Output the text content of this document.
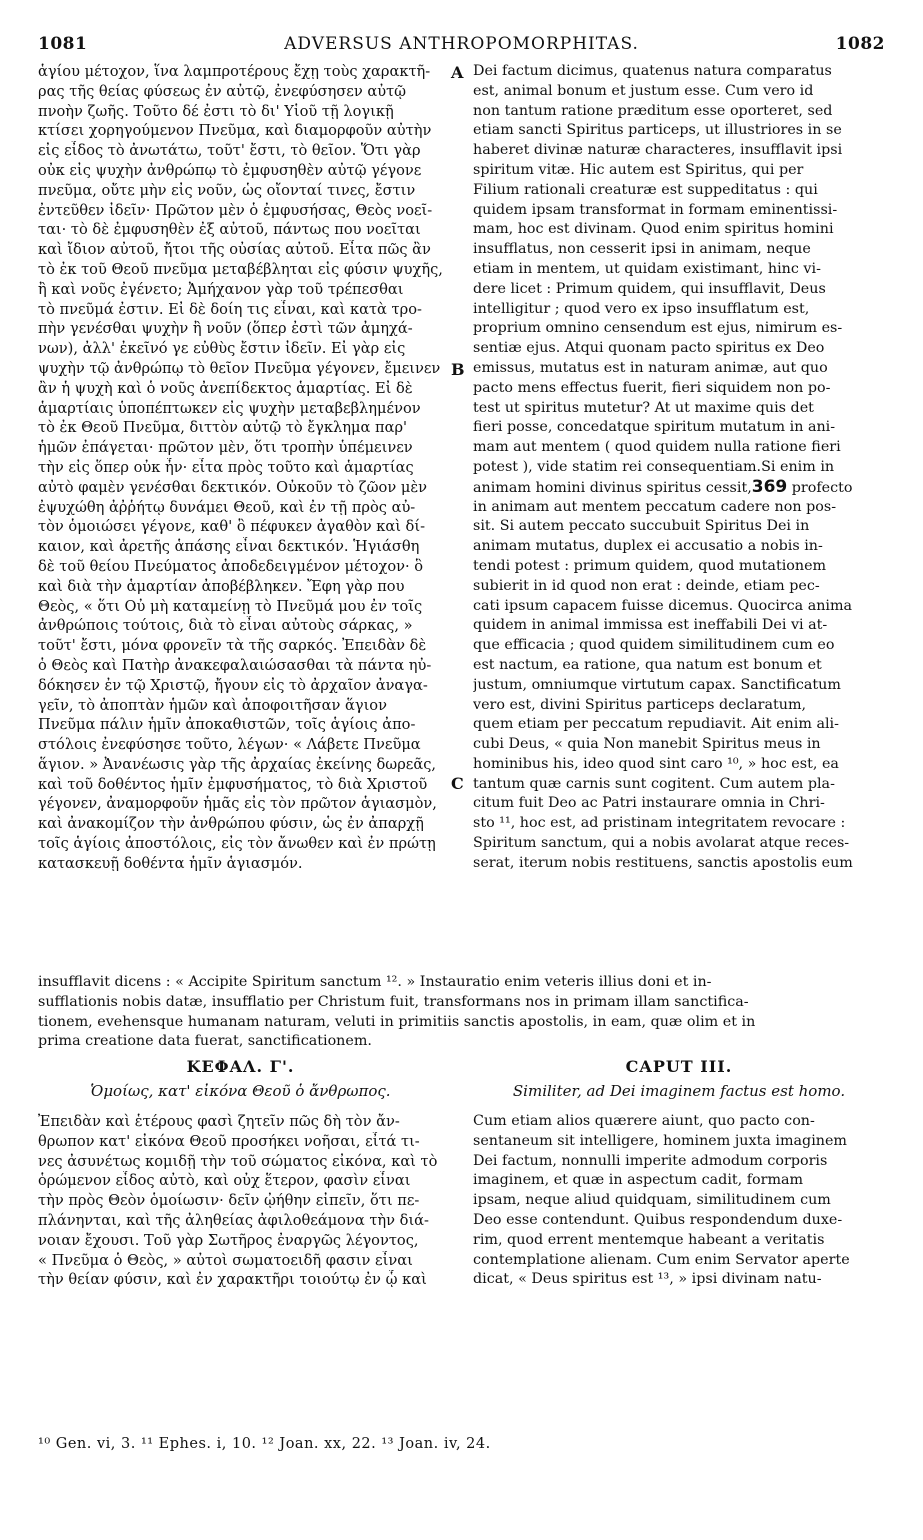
ADVERSUS ANTHROPOMORPHITAS.
1081	1082
ἁγίου μέτοχον, ἵνα λαμπροτέρους ἔχῃ τοὺς χαρακτῆ-
ρας τῆς θείας φύσεως ἐν αὐτῷ, ἐνεφύσησεν αὐτῷ
πνοὴν ζωῆς. Τοῦτο δέ ἐστι τὸ δι' Υἱοῦ τῇ λογικῇ
κτίσει χορηγούμενον Πνεῦμα, καὶ διαμορφοῦν αὐτὴν
εἰς εἶδος τὸ ἀνωτάτω, τοῦτ' ἔστι, τὸ θεῖον. Ὅτι γὰρ
οὐκ εἰς ψυχὴν ἀνθρώπῳ τὸ ἐμφυσηθὲν αὐτῷ γέγονε
πνεῦμα, οὔτε μὴν εἰς νοῦν, ὡς οἴονταί τινες, ἔστιν
ἐντεῦθεν ἰδεῖν· Πρῶτον μὲν ὁ ἐμφυσήσας, Θεὸς νοεῖ-
ται· τὸ δὲ ἐμφυσηθὲν ἐξ αὐτοῦ, πάντως που νοεῖται
καὶ ἴδιον αὐτοῦ, ἤτοι τῆς οὐσίας αὐτοῦ. Εἶτα πῶς ἂν
τὸ ἐκ τοῦ Θεοῦ πνεῦμα μεταβέβληται εἰς φύσιν ψυχῆς,
ἢ καὶ νοῦς ἐγένετο; Ἀμήχανον γὰρ τοῦ τρέπεσθαι
τὸ πνεῦμά ἐστιν. Εἰ δὲ δοίη τις εἶναι, καὶ κατὰ τρο-
πὴν γενέσθαι ψυχὴν ἢ νοῦν (ὅπερ ἐστὶ τῶν ἀμηχά-
νων), ἀλλ' ἐκεῖνό γε εὐθὺς ἔστιν ἰδεῖν. Εἰ γὰρ εἰς
ψυχὴν τῷ ἀνθρώπῳ τὸ θεῖον Πνεῦμα γέγονεν, ἔμεινεν
ἂν ἡ ψυχὴ καὶ ὁ νοῦς ἀνεπίδεκτος ἁμαρτίας. Εἰ δὲ
ἁμαρτίαις ὑποπέπτωκεν εἰς ψυχὴν μεταβεβλημένον
τὸ ἐκ Θεοῦ Πνεῦμα, διττὸν αὐτῷ τὸ ἔγκλημα παρ'
ἡμῶν ἐπάγεται· πρῶτον μὲν, ὅτι τροπὴν ὑπέμεινεν
τὴν εἰς ὅπερ οὐκ ἦν· εἶτα πρὸς τοῦτο καὶ ἁμαρτίας
αὐτὸ φαμὲν γενέσθαι δεκτικόν. Οὐκοῦν τὸ ζῶον μὲν
ἐψυχώθη ἀῤῥήτῳ δυνάμει Θεοῦ, καὶ ἐν τῇ πρὸς αὐ-
τὸν ὁμοιώσει γέγονε, καθ' ὃ πέφυκεν ἀγαθὸν καὶ δί-
καιον, καὶ ἀρετῆς ἁπάσης εἶναι δεκτικόν. Ἡγιάσθη
δὲ τοῦ θείου Πνεύματος ἀποδεδειγμένον μέτοχον· ὃ
καὶ διὰ τὴν ἁμαρτίαν ἀποβέβληκεν. Ἔφη γὰρ που
Θεὸς, « ὅτι Οὐ μὴ καταμείνῃ τὸ Πνεῦμά μου ἐν τοῖς
ἀνθρώποις τούτοις, διὰ τὸ εἶναι αὐτοὺς σάρκας, »
τοῦτ' ἔστι, μόνα φρονεῖν τὰ τῆς σαρκός. Ἐπειδὰν δὲ
ὁ Θεὸς καὶ Πατὴρ ἀνακεφαλαιώσασθαι τὰ πάντα ηὐ-
δόκησεν ἐν τῷ Χριστῷ, ἤγουν εἰς τὸ ἀρχαῖον ἀναγα-
γεῖν, τὸ ἀποπτὰν ἡμῶν καὶ ἀποφοιτῆσαν ἅγιον
Πνεῦμα πάλιν ἡμῖν ἀποκαθιστῶν, τοῖς ἁγίοις ἀπο-
στόλοις ἐνεφύσησε τοῦτο, λέγων· « Λάβετε Πνεῦμα
ἅγιον. » Ἀνανέωσις γὰρ τῆς ἀρχαίας ἐκείνης δωρεᾶς,
καὶ τοῦ δοθέντος ἡμῖν ἐμφυσήματος, τὸ διὰ Χριστοῦ
γέγονεν, ἀναμορφοῦν ἡμᾶς εἰς τὸν πρῶτον ἁγιασμὸν,
καὶ ἀνακομίζον τὴν ἀνθρώπου φύσιν, ὡς ἐν ἀπαρχῇ
τοῖς ἁγίοις ἀποστόλοις, εἰς τὸν ἄνωθεν καὶ ἐν πρώτῃ
κατασκευῇ δοθέντα ἡμῖν ἁγιασμόν.
Dei factum dicimus, quatenus natura comparatus
est, animal bonum et justum esse. Cum vero id
non tantum ratione præditum esse oporteret, sed
etiam sancti Spiritus particeps, ut illustriores in se
haberet divinæ naturæ characteres, insufflavit ipsi
spiritum vitæ. Hic autem est Spiritus, qui per
Filium rationali creaturæ est suppeditatus : qui
quidem ipsam transformat in formam eminentissi-
mam, hoc est divinam. Quod enim spiritus homini
insufflatus, non cesserit ipsi in animam, neque
etiam in mentem, ut quidam existimant, hinc vi-
dere licet : Primum quidem, qui insufflavit, Deus
intelligitur ; quod vero ex ipso insufflatum est,
proprium omnino censendum est ejus, nimirum es-
sentiæ ejus. Atqui quonam pacto spiritus ex Deo
emissus, mutatus est in naturam animæ, aut quo
pacto mens effectus fuerit, fieri siquidem non po-
test ut spiritus mutetur? At ut maxime quis det
fieri posse, concedatque spiritum mutatum in ani-
mam aut mentem ( quod quidem nulla ratione fieri
potest ), vide statim rei consequentiam.Si enim in
animam homini divinus spiritus cessit,369 profecto
in animam aut mentem peccatum cadere non pos-
sit. Si autem peccato succubuit Spiritus Dei in
animam mutatus, duplex ei accusatio a nobis in-
tendi potest : primum quidem, quod mutationem
subierit in id quod non erat : deinde, etiam pec-
cati ipsum capacem fuisse dicemus. Quocirca anima
quidem in animal immissa est ineffabili Dei vi at-
que efficacia ; quod quidem similitudinem cum eo
est nactum, ea ratione, qua natum est bonum et
justum, omniumque virtutum capax. Sanctificatum
vero est, divini Spiritus particeps declaratum,
quem etiam per peccatum repudiavit. Ait enim ali-
cubi Deus, « quia Non manebit Spiritus meus in
hominibus his, ideo quod sint caro ¹⁰, » hoc est, ea
tantum quæ carnis sunt cogitent. Cum autem pla-
citum fuit Deo ac Patri instaurare omnia in Chri-
sto ¹¹, hoc est, ad pristinam integritatem revocare :
Spiritum sanctum, qui a nobis avolarat atque reces-
serat, iterum nobis restituens, sanctis apostolis eum
A
B
C
insufflavit dicens : « Accipite Spiritum sanctum ¹². » Instauratio enim veteris illius doni et in-
sufflationis nobis datæ, insufflatio per Christum fuit, transformans nos in primam illam sanctifica-
tionem, evehensque humanam naturam, veluti in primitiis sanctis apostolis, in eam, quæ olim et in
prima creatione data fuerat, sanctificationem.
ΚΕΦΑΛ. Γ'.	CAPUT III.
Ὁμοίως, κατ' εἰκόνα Θεοῦ ὁ ἄνθρωπος.	Similiter, ad Dei imaginem factus est homo.
Ἐπειδὰν καὶ ἑτέρους φασὶ ζητεῖν πῶς δὴ τὸν ἄν-
θρωπον κατ' εἰκόνα Θεοῦ προσήκει νοῆσαι, εἶτά τι-
νες ἀσυνέτως κομιδῇ τὴν τοῦ σώματος εἰκόνα, καὶ τὸ
ὁρώμενον εἶδος αὐτὸ, καὶ οὐχ ἕτερον, φασὶν εἶναι
τὴν πρὸς Θεὸν ὁμοίωσιν· δεῖν ᾠήθην εἰπεῖν, ὅτι πε-
πλάνηνται, καὶ τῆς ἀληθείας ἀφιλοθεάμονα τὴν διά-
νοιαν ἔχουσι. Τοῦ γὰρ Σωτῆρος ἐναργῶς λέγοντος,
« Πνεῦμα ὁ Θεὸς, » αὐτοὶ σωματοειδῆ φασιν εἶναι
τὴν θείαν φύσιν, καὶ ἐν χαρακτῆρι τοιούτῳ ἐν ᾧ καὶ
Cum etiam alios quærere aiunt, quo pacto con-
sentaneum sit intelligere, hominem juxta imaginem
Dei factum, nonnulli imperite admodum corporis
imaginem, et quæ in aspectum cadit, formam
ipsam, neque aliud quidquam, similitudinem cum
Deo esse contendunt. Quibus respondendum duxe-
rim, quod errent mentemque habeant a veritatis
contemplatione alienam. Cum enim Servator aperte
dicat, « Deus spiritus est ¹³, » ipsi divinam natu-
¹⁰ Gen. vi, 3. ¹¹ Ephes. i, 10. ¹² Joan. xx, 22. ¹³ Joan. iv, 24.
